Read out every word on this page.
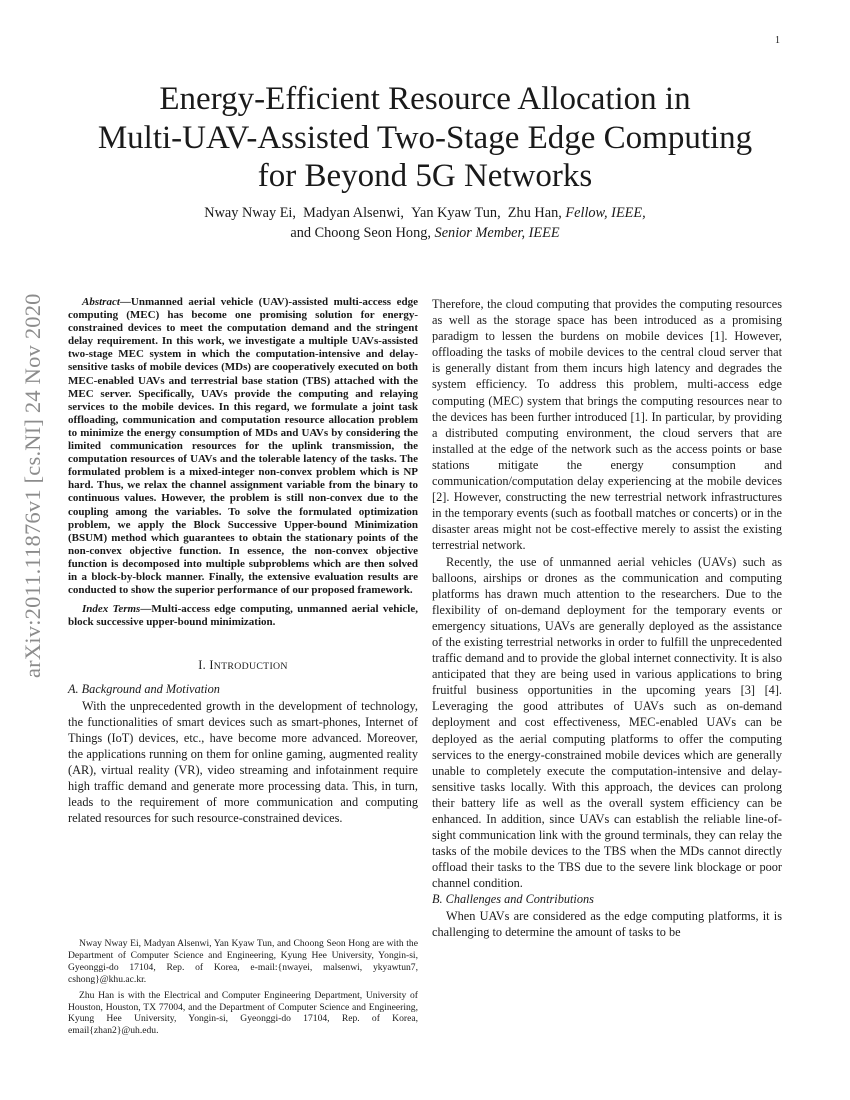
1
Energy-Efficient Resource Allocation in
Multi-UAV-Assisted Two-Stage Edge Computing
for Beyond 5G Networks
Nway Nway Ei,  Madyan Alsenwi,  Yan Kyaw Tun,  Zhu Han, Fellow, IEEE,
and Choong Seon Hong, Senior Member, IEEE
arXiv:2011.11876v1 [cs.NI] 24 Nov 2020	Abstract—Unmanned aerial vehicle (UAV)-assisted multi-access edge computing (MEC) has become one promising solution for energy-constrained devices to meet the computation demand and the stringent delay requirement. In this work, we investigate a multiple UAVs-assisted two-stage MEC system in which the computation-intensive and delay-sensitive tasks of mobile devices (MDs) are cooperatively executed on both MEC-enabled UAVs and terrestrial base station (TBS) attached with the MEC server. Specifically, UAVs provide the computing and relaying services to the mobile devices. In this regard, we formulate a joint task offloading, communication and computation resource allocation problem to minimize the energy consumption of MDs and UAVs by considering the limited communication resources for the uplink transmission, the computation resources of UAVs and the tolerable latency of the tasks. The formulated problem is a mixed-integer non-convex problem which is NP hard. Thus, we relax the channel assignment variable from the binary to continuous values. However, the problem is still non-convex due to the coupling among the variables. To solve the formulated optimization problem, we apply the Block Successive Upper-bound Minimization (BSUM) method which guarantees to obtain the stationary points of the non-convex objective function. In essence, the non-convex objective function is decomposed into multiple subproblems which are then solved in a block-by-block manner. Finally, the extensive evaluation results are conducted to show the superior performance of our proposed framework.

Index Terms—Multi-access edge computing, unmanned aerial vehicle, block successive upper-bound minimization.

I. INTRODUCTION

A. Background and Motivation

With the unprecedented growth in the development of technology, the functionalities of smart devices such as smart-phones, Internet of Things (IoT) devices, etc., have become more advanced. Moreover, the applications running on them for online gaming, augmented reality (AR), virtual reality (VR), video streaming and infotainment require high traffic demand and generate more processing data. This, in turn, leads to the requirement of more communication and computing related resources for such resource-constrained devices.

Nway Nway Ei, Madyan Alsenwi, Yan Kyaw Tun, and Choong Seon Hong are with the Department of Computer Science and Engineering, Kyung Hee University, Yongin-si, Gyeonggi-do 17104, Rep. of Korea, e-mail:{nwayei, malsenwi, ykyawtun7, cshong}@khu.ac.kr.

Zhu Han is with the Electrical and Computer Engineering Department, University of Houston, Houston, TX 77004, and the Department of Computer Science and Engineering, Kyung Hee University, Yongin-si, Gyeonggi-do 17104, Rep. of Korea, email{zhan2}@uh.edu.

Therefore, the cloud computing that provides the computing resources as well as the storage space has been introduced as a promising paradigm to lessen the burdens on mobile devices [1]. However, offloading the tasks of mobile devices to the central cloud server that is generally distant from them incurs high latency and degrades the system efficiency. To address this problem, multi-access edge computing (MEC) system that brings the computing resources near to the devices has been further introduced [1]. In particular, by providing a distributed computing environment, the cloud servers that are installed at the edge of the network such as the access points or base stations mitigate the energy consumption and communication/computation delay experiencing at the mobile devices [2]. However, constructing the new terrestrial network infrastructures in the temporary events (such as football matches or concerts) or in the disaster areas might not be cost-effective merely to assist the existing terrestrial network.

Recently, the use of unmanned aerial vehicles (UAVs) such as balloons, airships or drones as the communication and computing platforms has drawn much attention to the researchers. Due to the flexibility of on-demand deployment for the temporary events or emergency situations, UAVs are generally deployed as the assistance of the existing terrestrial networks in order to fulfill the unprecedented traffic demand and to provide the global internet connectivity. It is also anticipated that they are being used in various applications to bring fruitful business opportunities in the upcoming years [3] [4]. Leveraging the good attributes of UAVs such as on-demand deployment and cost effectiveness, MEC-enabled UAVs can be deployed as the aerial computing platforms to offer the computing services to the energy-constrained mobile devices which are generally unable to completely execute the computation-intensive and delay-sensitive tasks locally. With this approach, the devices can prolong their battery life as well as the overall system efficiency can be enhanced. In addition, since UAVs can establish the reliable line-of-sight communication link with the ground terminals, they can relay the tasks of the mobile devices to the TBS when the MDs cannot directly offload their tasks to the TBS due to the severe link blockage or poor channel condition.

B. Challenges and Contributions

When UAVs are considered as the edge computing platforms, it is challenging to determine the amount of tasks to be
